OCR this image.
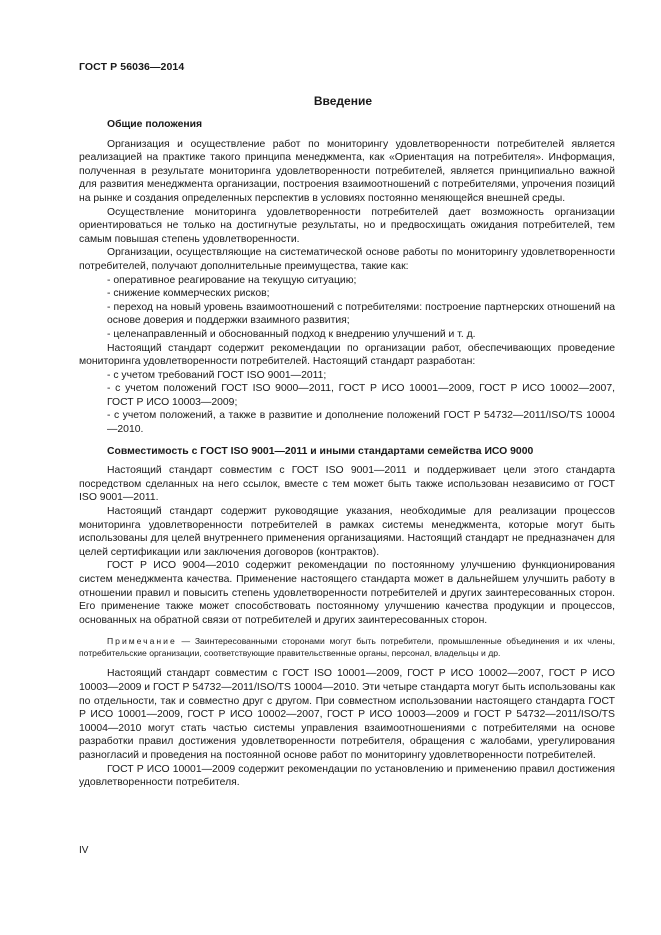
ГОСТ Р 56036—2014
Введение

Общие положения

Организация и осуществление работ по мониторингу удовлетворенности потребителей является реализацией на практике такого принципа менеджмента, как «Ориентация на потребителя». Информация, полученная в результате мониторинга удовлетворенности потребителей, является принципиально важной для развития менеджмента организации, построения взаимоотношений с потребителями, упрочения позиций на рынке и создания определенных перспектив в условиях постоянно меняющейся внешней среды.

Осуществление мониторинга удовлетворенности потребителей дает возможность организации ориентироваться не только на достигнутые результаты, но и предвосхищать ожидания потребителей, тем самым повышая степень удовлетворенности.

Организации, осуществляющие на систематической основе работы по мониторингу удовлетворенности потребителей, получают дополнительные преимущества, такие как:

- оперативное реагирование на текущую ситуацию;

- снижение коммерческих рисков;

- переход на новый уровень взаимоотношений с потребителями: построение партнерских отношений на основе доверия и поддержки взаимного развития;

- целенаправленный и обоснованный подход к внедрению улучшений и т. д.

Настоящий стандарт содержит рекомендации по организации работ, обеспечивающих проведение мониторинга удовлетворенности потребителей. Настоящий стандарт разработан:

- с учетом требований ГОСТ ISO 9001—2011;

- с учетом положений ГОСТ ISO 9000—2011, ГОСТ Р ИСО 10001—2009, ГОСТ Р ИСО 10002—2007, ГОСТ Р ИСО 10003—2009;

- с учетом положений, а также в развитие и дополнение положений ГОСТ Р 54732—2011/ISO/TS 10004—2010.

Совместимость с ГОСТ ISO 9001—2011 и иными стандартами семейства ИСО 9000

Настоящий стандарт совместим с ГОСТ ISO 9001—2011 и поддерживает цели этого стандарта посредством сделанных на него ссылок, вместе с тем может быть также использован независимо от ГОСТ ISO 9001—2011.

Настоящий стандарт содержит руководящие указания, необходимые для реализации процессов мониторинга удовлетворенности потребителей в рамках системы менеджмента, которые могут быть использованы для целей внутреннего применения организациями. Настоящий стандарт не предназначен для целей сертификации или заключения договоров (контрактов).

ГОСТ Р ИСО 9004—2010 содержит рекомендации по постоянному улучшению функционирования систем менеджмента качества. Применение настоящего стандарта может в дальнейшем улучшить работу в отношении правил и повысить степень удовлетворенности потребителей и других заинтересованных сторон. Его применение также может способствовать постоянному улучшению качества продукции и процессов, основанных на обратной связи от потребителей и других заинтересованных сторон.

Примечание — Заинтересованными сторонами могут быть потребители, промышленные объединения и их члены, потребительские организации, соответствующие правительственные органы, персонал, владельцы и др.

Настоящий стандарт совместим с ГОСТ ISO 10001—2009, ГОСТ Р ИСО 10002—2007, ГОСТ Р ИСО 10003—2009 и ГОСТ Р 54732—2011/ISO/TS 10004—2010. Эти четыре стандарта могут быть использованы как по отдельности, так и совместно друг с другом. При совместном использовании настоящего стандарта ГОСТ Р ИСО 10001—2009, ГОСТ Р ИСО 10002—2007, ГОСТ Р ИСО 10003—2009 и ГОСТ Р 54732—2011/ISO/TS 10004—2010 могут стать частью системы управления взаимоотношениями с потребителями на основе разработки правил достижения удовлетворенности потребителя, обращения с жалобами, урегулирования разногласий и проведения на постоянной основе работ по мониторингу удовлетворенности потребителей.

ГОСТ Р ИСО 10001—2009 содержит рекомендации по установлению и применению правил достижения удовлетворенности потребителя.

IV
